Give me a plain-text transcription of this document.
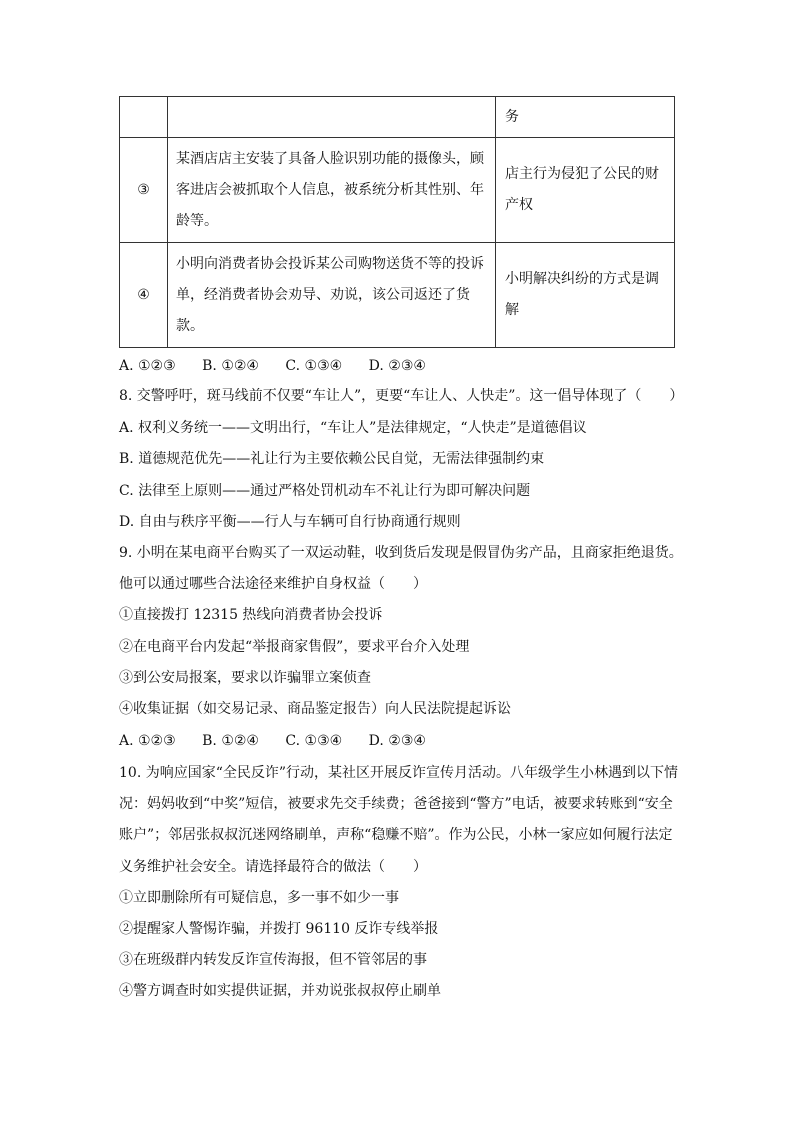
		务
③	某酒店店主安装了具备人脸识别功能的摄像头，顾客进店会被抓取个人信息，被系统分析其性别、年龄等。	店主行为侵犯了公民的财产权
④	小明向消费者协会投诉某公司购物送货不等的投诉单，经消费者协会劝导、劝说，该公司返还了货款。	小明解决纠纷的方式是调解
A. ①②③ B. ①②④ C. ①③④ D. ②③④
8. 交警呼吁，斑马线前不仅要“车让人”，更要“车让人、人快走”。这一倡导体现了（　　）
A. 权利义务统一——文明出行，“车让人”是法律规定，“人快走”是道德倡议
B. 道德规范优先——礼让行为主要依赖公民自觉，无需法律强制约束
C. 法律至上原则——通过严格处罚机动车不礼让行为即可解决问题
D. 自由与秩序平衡——行人与车辆可自行协商通行规则
9. 小明在某电商平台购买了一双运动鞋，收到货后发现是假冒伪劣产品，且商家拒绝退货。
他可以通过哪些合法途径来维护自身权益（　　）
①直接拨打 12315 热线向消费者协会投诉
②在电商平台内发起“举报商家售假”，要求平台介入处理
③到公安局报案，要求以诈骗罪立案侦查
④收集证据（如交易记录、商品鉴定报告）向人民法院提起诉讼
A. ①②③ B. ①②④ C. ①③④ D. ②③④
10. 为响应国家“全民反诈”行动，某社区开展反诈宣传月活动。八年级学生小林遇到以下情
况：妈妈收到“中奖”短信，被要求先交手续费；爸爸接到“警方”电话，被要求转账到“安全
账户”；邻居张叔叔沉迷网络刷单，声称“稳赚不赔”。作为公民，小林一家应如何履行法定
义务维护社会安全。请选择最符合的做法（　　）
①立即删除所有可疑信息，多一事不如少一事
②提醒家人警惕诈骗，并拨打 96110 反诈专线举报
③在班级群内转发反诈宣传海报，但不管邻居的事
④警方调查时如实提供证据，并劝说张叔叔停止刷单
